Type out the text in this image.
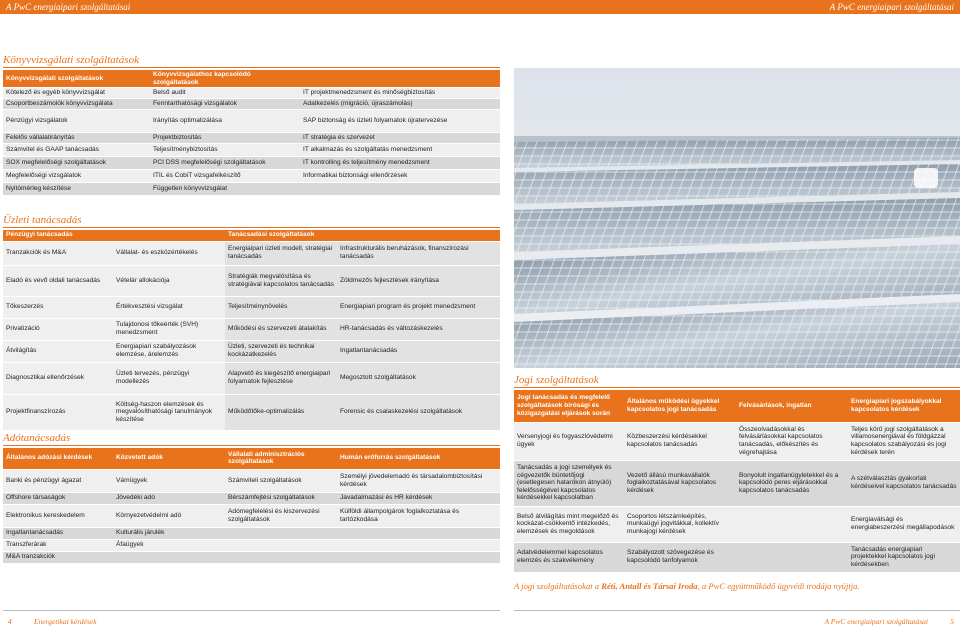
A PwC energiaipari szolgáltatásai	A PwC energiaipari szolgáltatásai
Könyvvizsgálati szolgáltatások
Könyvvizsgálati szolgáltatások	Könyvvizsgálathoz kapcsolódó szolgáltatások	
Kötelező és egyéb könyvvizsgálat	Belső audit	IT projektmenedzsment és minőségbiztosítás
Csoportbeszámolók könyvvizsgálata	Fenntarthatósági vizsgálatok	Adatkezelés (migráció, újraszámolás)
Pénzügyi vizsgálatok	Irányítás optimalizálása	SAP biztonság és üzleti folyamatok újratervezése
Felelős vállalatirányítás	Projektbiztosítás	IT stratégia és szervezet
Számvitel és GAAP tanácsadás	Teljesítménybiztosítás	IT alkalmazás és szolgáltatás menedzsment
SOX megfelelőségi szolgáltatások	PCI DSS megfelelőségi szolgáltatások	IT kontrolling és teljesítmény menedzsment
Megfelelőségi vizsgálatok	ITIL és CobiT vizsgafelkészítő	Informatikai biztonsági ellenőrzések
Nyitómérleg készítése	Független könyvvizsgálat	
Üzleti tanácsadás
Pénzügyi tanácsadás		Tanácsadási szolgáltatások	
Tranzakciók és M&A	Vállalat- és eszközértékelés	Energiaipari üzleti modell, stratégiai tanácsadás	Infrastrukturális beruházások, finanszírozási tanácsadás
Eladó és vevő oldali tanácsadás	Vételár allokációja	Stratégiák megvalósítása és stratégiával kapcsolatos tanácsadás	Zöldmezős fejlesztések irányítása
Tőkeszerzés	Értékvesztési vizsgálat	Teljesítménynövelés	Energiapiari program és projekt menedzsment
Privatizáció	Tulajdonosi tőkeérték (SVH) menedzsment	Működési és szervezeti átalakítás	HR-tanácsadás és változáskezelés
Átvilágítás	Energiapiari szabályozások elemzése, árelemzés	Üzleti, szervezeti és technikai kockázatkezelés	Ingatlantanácsadás
Diagnosztikai ellenőrzések	Üzleti tervezés, pénzügyi modellezés	Alapvető és kiegészítő energiaipari folyamatok fejlesztése	Megosztott szolgáltatások
Projektfinanszírozás	Költség-haszon elemzések és megvalósíthatósági tanulmányok készítése	Működőtőke-optimalizálás	Forensic és csalaskezelési szolgáltatások
Adótanácsadás
Általános adózási kérdések	Közvetett adók	Vállalati adminisztrációs szolgáltatások	Humán erőforrás szolgáltatások
Banki és pénzügyi ágazat	Vámügyek	Számviteli szolgáltatások	Személyi jövedelemadó és társadalombiztosítási kérdések
Offshore társaságok	Jövedéki adó	Bérszámfejtési szolgáltatások	Javadalmazási és HR kérdések
Elektronikus kereskedelem	Környezetvédelmi adó	Adómegfelelési és kiszervezési szolgáltatások	Külföldi állampolgárok foglalkoztatása és tartózkodása
Ingatlantanácsadás	Kulturális járulék		
Transzferárak	Áfaügyek		
M&A tranzakciók			
Jogi szolgáltatások
Jogi tanácsadás és megfelelő szolgáltatások bírósági és közigazgatási eljárások során	Általános működési ügyekkel kapcsolatos jogi tanácsadás	Felvásárlások, ingatlan	Energiapiari jogszabályokkal kapcsolatos kérdések
Versenyjogi és fogyasztóvédelmi ügyek	Közbeszerzési kérdésekkel kapcsolatos tanácsadás	Összeolvadásokkal és felvásárlásokkal kapcsolatos tanácsadás, előkészítés és végrehajtása	Teljes körű jogi szolgáltatások a villamosenergiával és földgázzal kapcsolatos szabályozási és jogi kérdések terén
Tanácsadás a jogi személyek és cégvezetők büntetőjogi (esetlegesen hatarókon átnyúló) felelősségével kapcsolatos kérdésekkel kapcsolatban	Vezető állású munkavállalók foglalkoztatásával kapcsolatos kérdések	Bonyolult ingatlanügyletekkel és a kapcsolódó peres eljárásokkal kapcsolatos tanácsadás	A szétválasztás gyakorlati kérdéseivel kapcsolatos tanácsadás
Belső átvilágítás mint megelőző és kockázat-csökkentő intézkedés, elemzések és megoldások	Csoportos létszámleépítés, munkaügyi jogvitákkal, kollektív munkajogi kérdések		Energiaválsági és energiabeszerzési megállapodások
Adatvédelemmel kapcsolatos elemzés és szakvélemény	Szabályozott szövegezése és kapcsolódó tanfolyamok		Tanácsadás energiapiari projektekkel kapcsolatos jogi kérdésekben
A jogi szolgáltatásokat a Réti, Antall és Társai Iroda, a PwC együttműködő ügyvédi irodája nyújtja.
4	Energetikai kérdések	A PwC energiaipari szolgáltatásai	5
